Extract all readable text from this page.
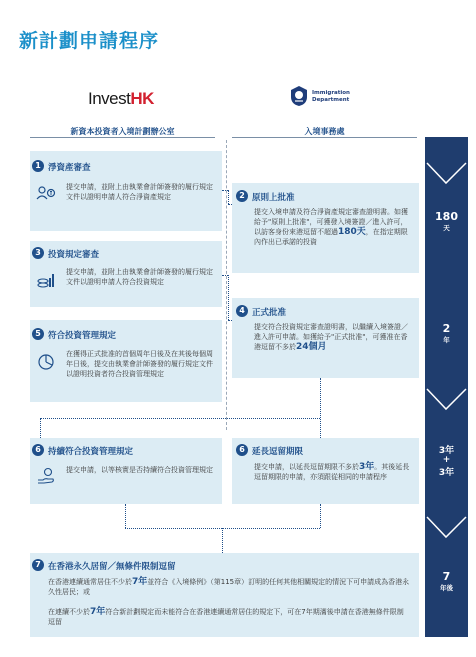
新計劃申請程序
InvestHK	Immigration
Department
新資本投資者入境計劃辦公室	入境事務處
180
天
2
年
3年
+
3年
7
年後
1 淨資產審查
提交申請，並附上由執業會計師簽發的履行規定文件以證明申請人符合淨資產規定	2 原則上批准
提交入境申請及符合淨資產規定審查證明書。如獲給予"原則上批准"，可獲發入境簽證／進入許可，以訪客身份來港逗留不超過180天，在指定期限內作出已承諾的投資
3 投資規定審查
提交申請，並附上由執業會計師簽發的履行規定文件以證明申請人符合投資規定
4 正式批准
提交符合投資規定審查證明書，以繼續入境簽證／進入許可申請。如獲給予"正式批准"，可獲准在香港逗留不多於24個月
5 符合投資管理規定
在獲得正式批准的首個周年日後及在其後每個周年日後，提交由執業會計師簽發的履行規定文件以證明投資者符合投資管理規定
6 持續符合投資管理規定
提交申請，以等核實是否持續符合投資管理規定
6 延長逗留期限
提交申請，以延長逗留期限不多於3年。其後延長逗留期限的申請，亦須跟從相同的申請程序
7 在香港永久居留／無條件限制逗留
在香港連續通常居住不少於7年並符合《入境條例》（第115章）訂明的任何其他相關規定的情況下可申請成為香港永久性居民；或
在連續不少於7年符合新計劃規定而未能符合在香港連續通常居住的規定下，可在7年期滿後申請在香港無條件限制逗留
